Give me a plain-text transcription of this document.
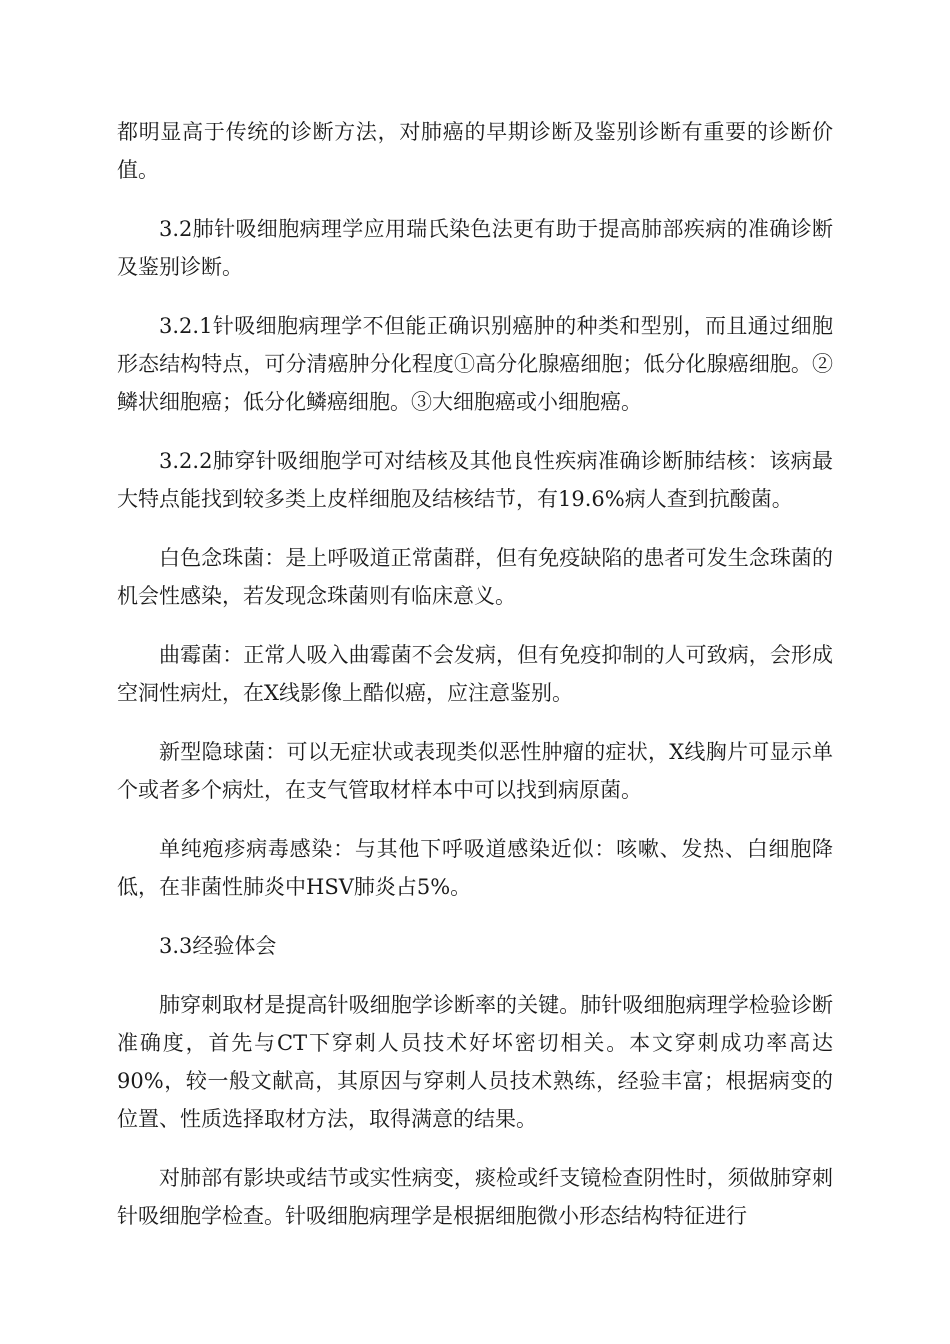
都明显高于传统的诊断方法，对肺癌的早期诊断及鉴别诊断有重要的诊断价值。

3.2肺针吸细胞病理学应用瑞氏染色法更有助于提高肺部疾病的准确诊断及鉴别诊断。

3.2.1针吸细胞病理学不但能正确识别癌肿的种类和型别，而且通过细胞形态结构特点，可分清癌肿分化程度①高分化腺癌细胞；低分化腺癌细胞。②鳞状细胞癌；低分化鳞癌细胞。③大细胞癌或小细胞癌。

3.2.2肺穿针吸细胞学可对结核及其他良性疾病准确诊断肺结核：该病最大特点能找到较多类上皮样细胞及结核结节，有19.6%病人查到抗酸菌。

白色念珠菌：是上呼吸道正常菌群，但有免疫缺陷的患者可发生念珠菌的机会性感染，若发现念珠菌则有临床意义。

曲霉菌：正常人吸入曲霉菌不会发病，但有免疫抑制的人可致病，会形成空洞性病灶，在X线影像上酷似癌，应注意鉴别。

新型隐球菌：可以无症状或表现类似恶性肿瘤的症状，X线胸片可显示单个或者多个病灶，在支气管取材样本中可以找到病原菌。

单纯疱疹病毒感染：与其他下呼吸道感染近似：咳嗽、发热、白细胞降低，在非菌性肺炎中HSV肺炎占5%。

3.3经验体会

肺穿刺取材是提高针吸细胞学诊断率的关键。肺针吸细胞病理学检验诊断准确度，首先与CT下穿刺人员技术好坏密切相关。本文穿刺成功率高达90%，较一般文献高，其原因与穿刺人员技术熟练，经验丰富；根据病变的位置、性质选择取材方法，取得满意的结果。

对肺部有影块或结节或实性病变，痰检或纤支镜检查阴性时，须做肺穿刺针吸细胞学检查。针吸细胞病理学是根据细胞微小形态结构特征进行
